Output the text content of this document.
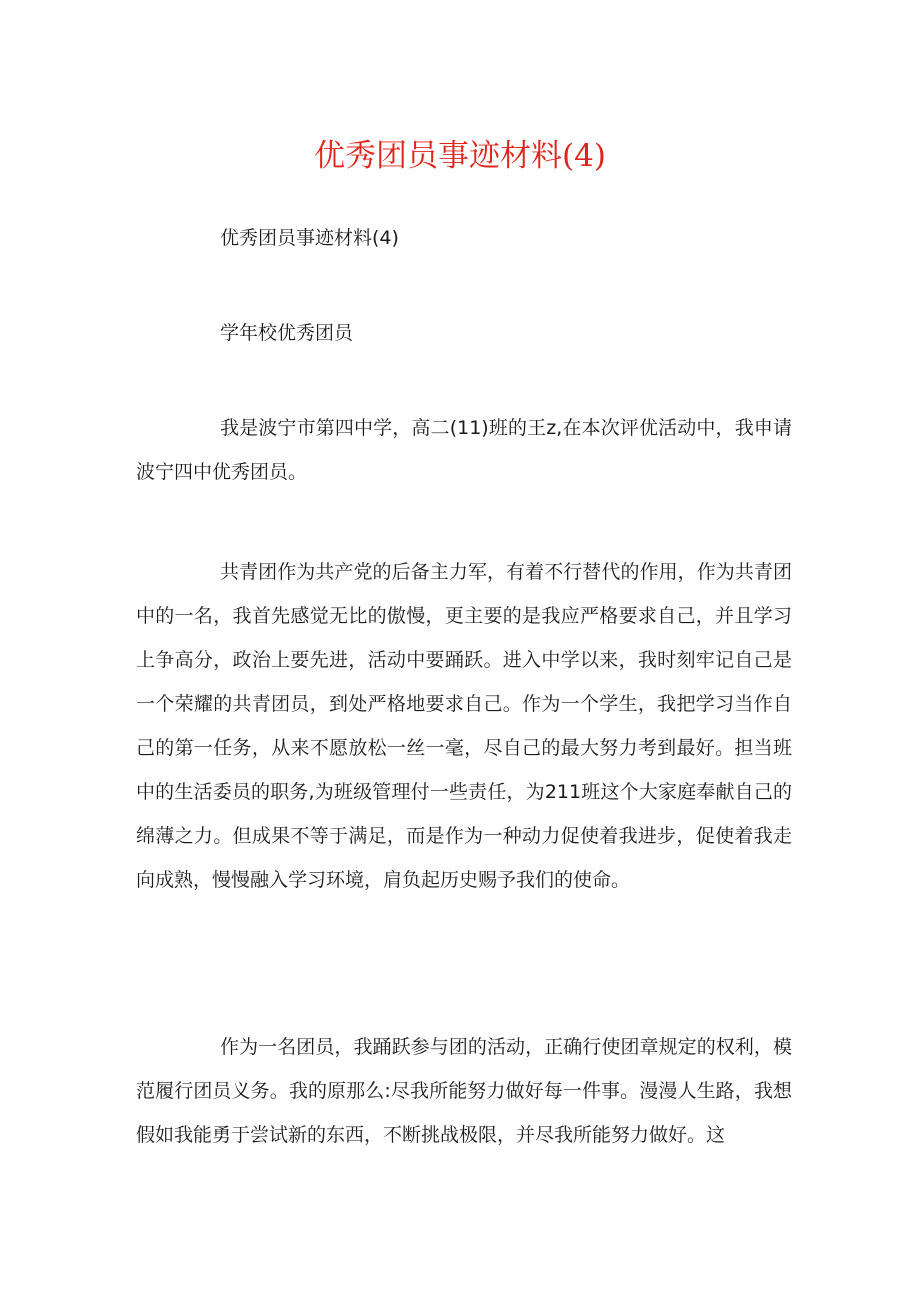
优秀团员事迹材料(4)

优秀团员事迹材料(4)

学年校优秀团员

我是波宁市第四中学，高二(11)班的王z,在本次评优活动中，我申请波宁四中优秀团员。

共青团作为共产党的后备主力军，有着不行替代的作用，作为共青团中的一名，我首先感觉无比的傲慢，更主要的是我应严格要求自己，并且学习上争高分，政治上要先进，活动中要踊跃。进入中学以来，我时刻牢记自己是一个荣耀的共青团员，到处严格地要求自己。作为一个学生，我把学习当作自己的第一任务，从来不愿放松一丝一毫，尽自己的最大努力考到最好。担当班中的生活委员的职务,为班级管理付一些责任，为211班这个大家庭奉献自己的绵薄之力。但成果不等于满足，而是作为一种动力促使着我进步，促使着我走向成熟，慢慢融入学习环境，肩负起历史赐予我们的使命。

作为一名团员，我踊跃参与团的活动，正确行使团章规定的权利，模范履行团员义务。我的原那么:尽我所能努力做好每一件事。漫漫人生路，我想假如我能勇于尝试新的东西，不断挑战极限，并尽我所能努力做好。这
